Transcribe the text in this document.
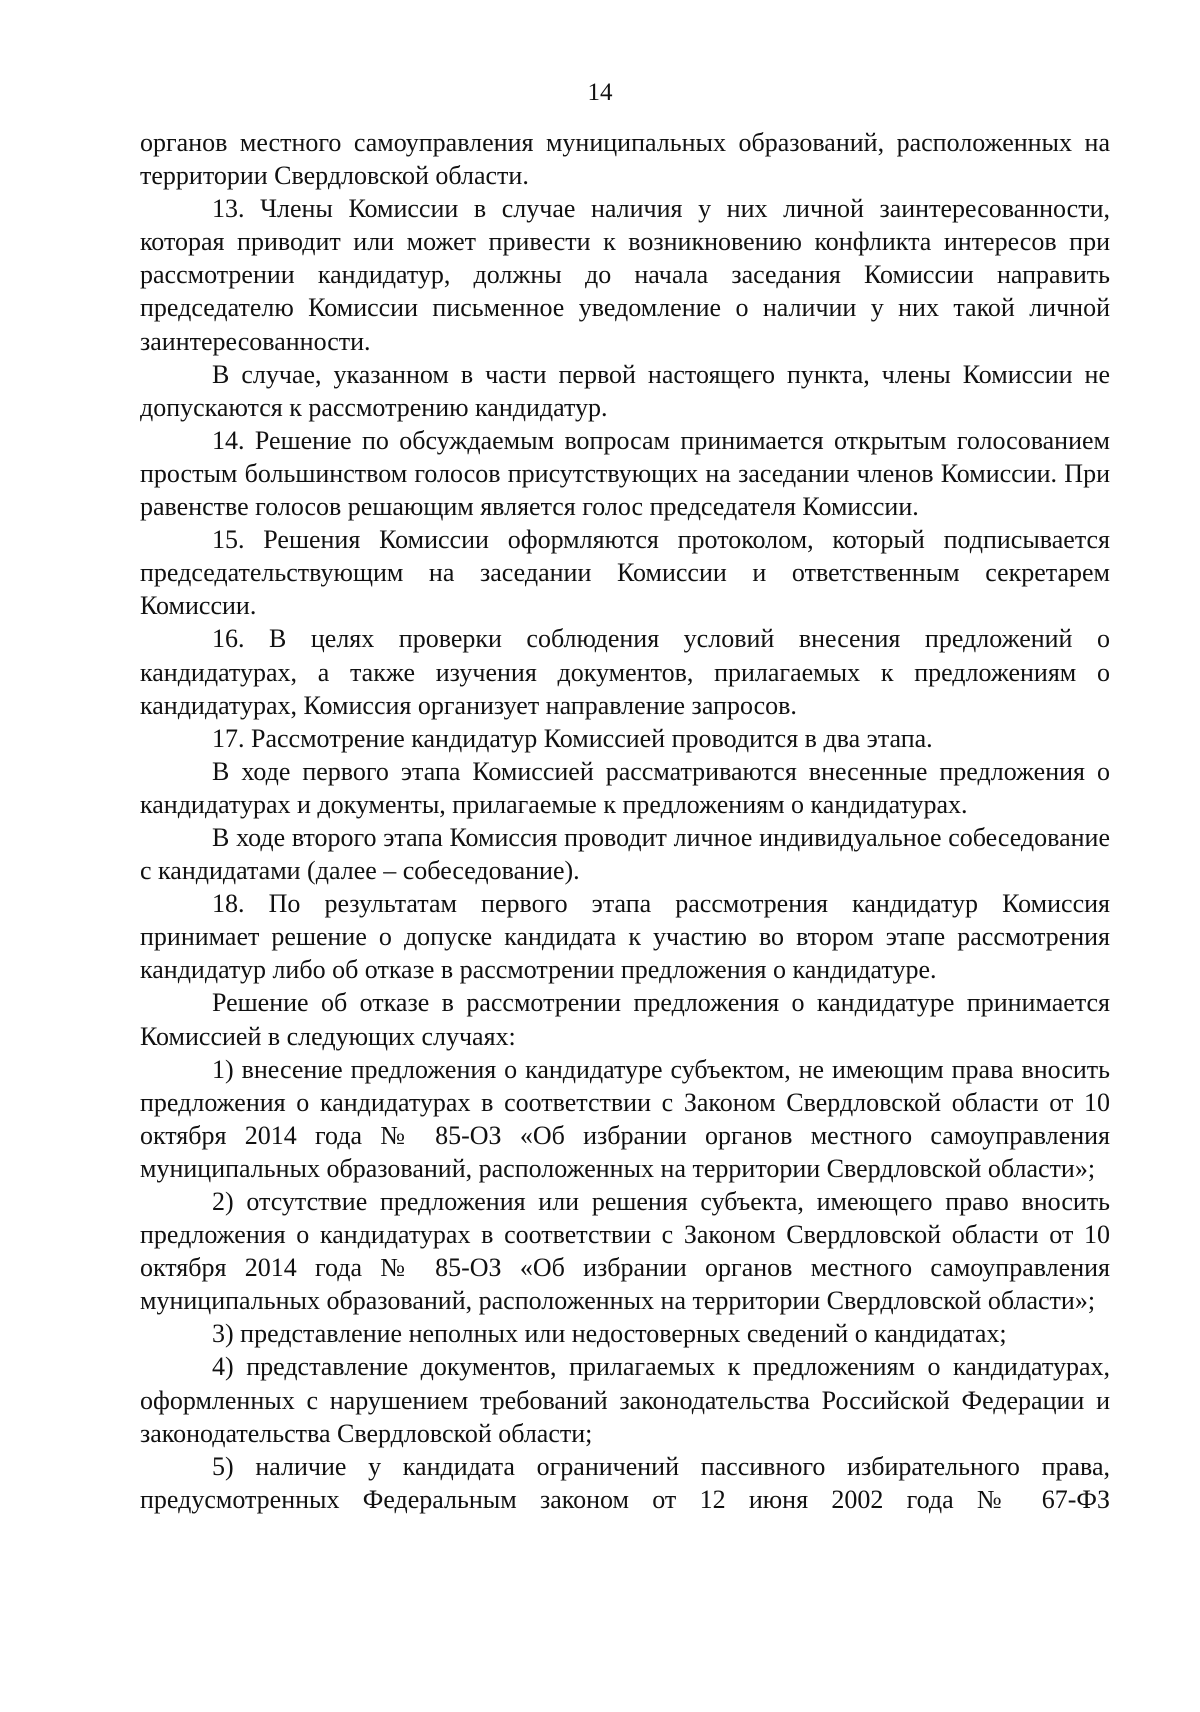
14

органов местного самоуправления муниципальных образований, расположенных на территории Свердловской области.

13. Члены Комиссии в случае наличия у них личной заинтересованности, которая приводит или может привести к возникновению конфликта интересов при рассмотрении кандидатур, должны до начала заседания Комиссии направить председателю Комиссии письменное уведомление о наличии у них такой личной заинтересованности.

В случае, указанном в части первой настоящего пункта, члены Комиссии не допускаются к рассмотрению кандидатур.

14. Решение по обсуждаемым вопросам принимается открытым голосованием простым большинством голосов присутствующих на заседании членов Комиссии. При равенстве голосов решающим является голос председателя Комиссии.

15. Решения Комиссии оформляются протоколом, который подписывается председательствующим на заседании Комиссии и ответственным секретарем Комиссии.

16. В целях проверки соблюдения условий внесения предложений о кандидатурах, а также изучения документов, прилагаемых к предложениям о кандидатурах, Комиссия организует направление запросов.

17. Рассмотрение кандидатур Комиссией проводится в два этапа.

В ходе первого этапа Комиссией рассматриваются внесенные предложения о кандидатурах и документы, прилагаемые к предложениям о кандидатурах.

В ходе второго этапа Комиссия проводит личное индивидуальное собеседование с кандидатами (далее – собеседование).

18. По результатам первого этапа рассмотрения кандидатур Комиссия принимает решение о допуске кандидата к участию во втором этапе рассмотрения кандидатур либо об отказе в рассмотрении предложения о кандидатуре.

Решение об отказе в рассмотрении предложения о кандидатуре принимается Комиссией в следующих случаях:

1) внесение предложения о кандидатуре субъектом, не имеющим права вносить предложения о кандидатурах в соответствии с Законом Свердловской области от 10 октября 2014 года № 85-ОЗ «Об избрании органов местного самоуправления муниципальных образований, расположенных на территории Свердловской области»;

2) отсутствие предложения или решения субъекта, имеющего право вносить предложения о кандидатурах в соответствии с Законом Свердловской области от 10 октября 2014 года № 85-ОЗ «Об избрании органов местного самоуправления муниципальных образований, расположенных на территории Свердловской области»;

3) представление неполных или недостоверных сведений о кандидатах;

4) представление документов, прилагаемых к предложениям о кандидатурах, оформленных с нарушением требований законодательства Российской Федерации и законодательства Свердловской области;

5) наличие у кандидата ограничений пассивного избирательного права, предусмотренных Федеральным законом от 12 июня 2002 года № 67-ФЗ
